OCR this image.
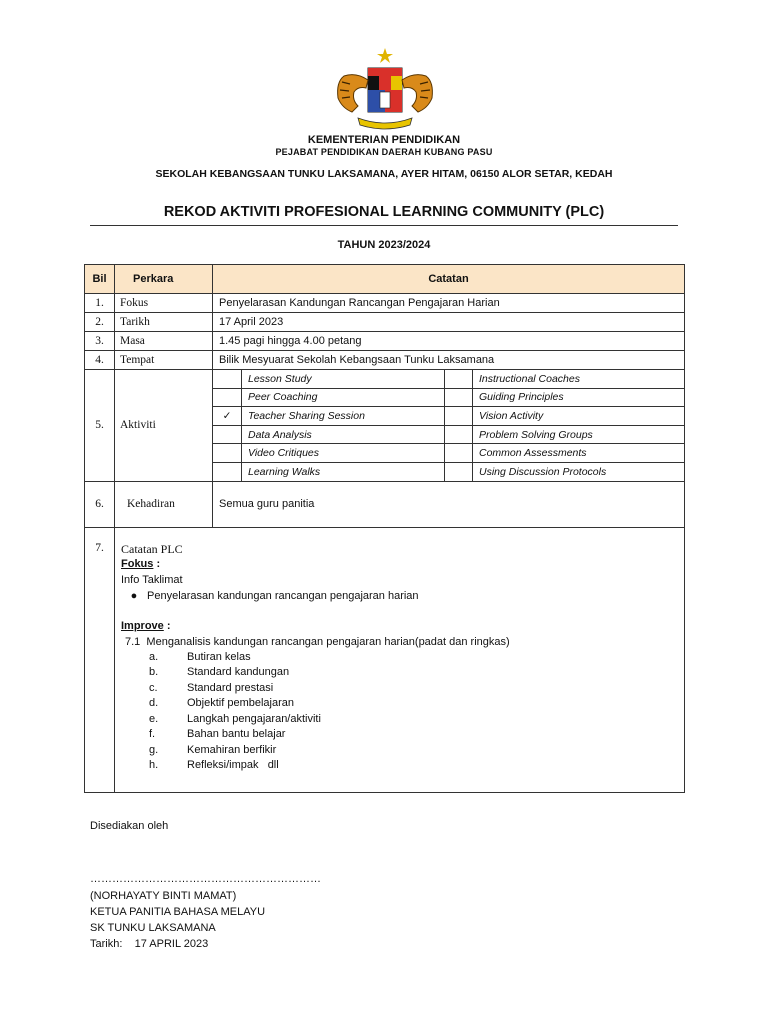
KEMENTERIAN PENDIDIKAN
PEJABAT PENDIDIKAN DAERAH KUBANG PASU
SEKOLAH KEBANGSAAN TUNKU LAKSAMANA, AYER HITAM, 06150 ALOR SETAR, KEDAH
REKOD AKTIVITI PROFESIONAL LEARNING COMMUNITY (PLC)
TAHUN 2023/2024
Bil	Perkara	Catatan
1.	Fokus	Penyelarasan Kandungan Rancangan Pengajaran Harian
2.	Tarikh	17 April 2023
3.	Masa	1.45 pagi hingga 4.00 petang
4.	Tempat	Bilik Mesyuarat Sekolah Kebangsaan Tunku Laksamana
5.	Aktiviti	
	Lesson Study		Instructional Coaches
	Peer Coaching		Guiding Principles
✓	Teacher Sharing Session		Vision Activity
	Data Analysis		Problem Solving Groups
	Video Critiques		Common Assessments
	Learning Walks		Using Discussion Protocols

6.	Kehadiran	Semua guru panitia
7.	Catatan PLC
Fokus :
Info Taklimat
● Penyelarasan kandungan rancangan pengajaran harian
Improve :
7.1 Menganalisis kandungan rancangan pengajaran harian(padat dan ringkas)
a.	Butiran kelas
b.	Standard kandungan
c.	Standard prestasi
d.	Objektif pembelajaran
e.	Langkah pengajaran/aktiviti
f.	Bahan bantu belajar
g.	Kemahiran berfikir
h.	Refleksi/impak   dll
Disediakan oleh
………………………………………………………
(NORHAYATY BINTI MAMAT)
KETUA PANITIA BAHASA MELAYU
SK TUNKU LAKSAMANA
Tarikh:    17 APRIL 2023
